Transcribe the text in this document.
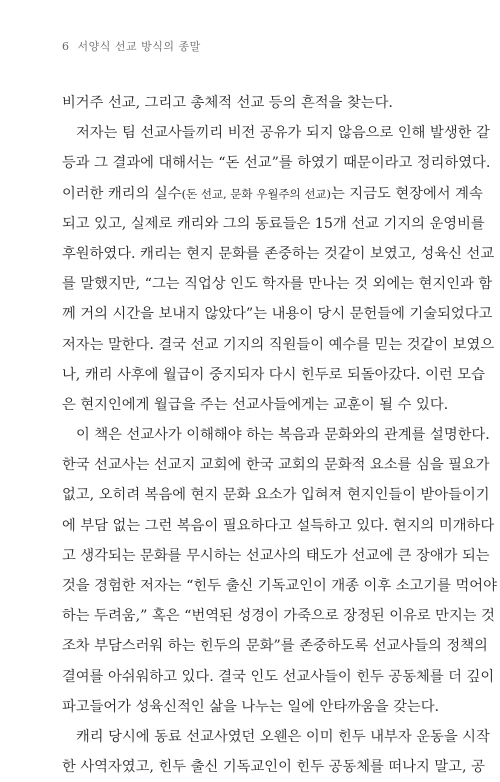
6 서양식 선교 방식의 종말
비거주 선교, 그리고 총체적 선교 등의 흔적을 찾는다.
저자는 팀 선교사들끼리 비전 공유가 되지 않음으로 인해 발생한 갈
등과 그 결과에 대해서는 “돈 선교”를 하였기 때문이라고 정리하였다.
이러한 캐리의 실수(돈 선교, 문화 우월주의 선교)는 지금도 현장에서 계속
되고 있고, 실제로 캐리와 그의 동료들은 15개 선교 기지의 운영비를
후원하였다. 캐리는 현지 문화를 존중하는 것같이 보였고, 성육신 선교
를 말했지만, “그는 직업상 인도 학자를 만나는 것 외에는 현지인과 함
께 거의 시간을 보내지 않았다”는 내용이 당시 문헌들에 기술되었다고
저자는 말한다. 결국 선교 기지의 직원들이 예수를 믿는 것같이 보였으
나, 캐리 사후에 월급이 중지되자 다시 힌두로 되돌아갔다. 이런 모습
은 현지인에게 월급을 주는 선교사들에게는 교훈이 될 수 있다.
이 책은 선교사가 이해해야 하는 복음과 문화와의 관계를 설명한다.
한국 선교사는 선교지 교회에 한국 교회의 문화적 요소를 심을 필요가
없고, 오히려 복음에 현지 문화 요소가 입혀져 현지인들이 받아들이기
에 부담 없는 그런 복음이 필요하다고 설득하고 있다. 현지의 미개하다
고 생각되는 문화를 무시하는 선교사의 태도가 선교에 큰 장애가 되는
것을 경험한 저자는 “힌두 출신 기독교인이 개종 이후 소고기를 먹어야
하는 두려움,” 혹은 “번역된 성경이 가죽으로 장정된 이유로 만지는 것
조차 부담스러워 하는 힌두의 문화”를 존중하도록 선교사들의 정책의
결여를 아쉬워하고 있다. 결국 인도 선교사들이 힌두 공동체를 더 깊이
파고들어가 성육신적인 삶을 나누는 일에 안타까움을 갖는다.
캐리 당시에 동료 선교사였던 오웬은 이미 힌두 내부자 운동을 시작
한 사역자였고, 힌두 출신 기독교인이 힌두 공동체를 떠나지 말고, 공
